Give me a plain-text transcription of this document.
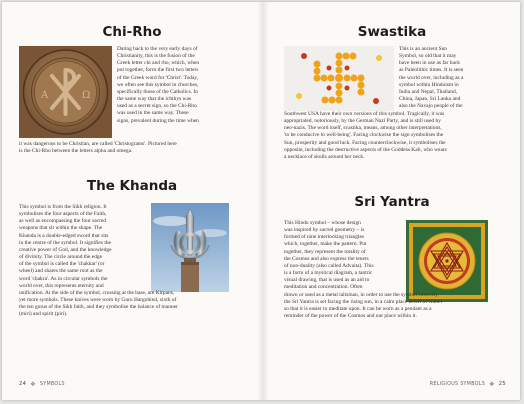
Chi-Rho
A	Ω
Dating back to the very early days of
Christianity, this is the fusion of the
Greek letter chi and rho, which, when
put together, form the first two letters
of the Greek word for 'Christ'. Today,
we often see this symbol in churches,
specifically those of the Catholics. In
the same way that the ichthys was
used as a secret sign, so the Chi-Rho
was used in the same way. These
signs, prevalent during the time when
it was dangerous to be Christian, are called 'Christograms'. Pictured here
is the Chi-Rho between the letters alpha and omega.
The Khanda
This symbol is from the Sikh religion. It
symbolises the four aspects of the Faith,
as well as encompassing the four sacred
weapons that sit within the shape. The
Khanda is a double-edged sword that sits
in the centre of the symbol. It signifies the
creative power of God, and the knowledge
of divinity. The circle around the edge
of the symbol is called the 'chakkar' (or
wheel) and shares the same root as the
word 'chakra'. As in circular symbols the
world over, this represents eternity and
unification. At the side of the symbol, crossing at the base, are Kirpans,
yet more symbols. These knives were worn by Guru Hargobind, sixth of
the ten gurus of the Sikh faith, and they symbolise the balance of manner
(miri) and spirit (piri).
24 ❖ SYMBOLS
Swastika
This is an ancient Sun
Symbol, so old that it may
have been in use as far back
as Paleolithic times. It is seen
the world over, including as a
symbol within Hinduism in
India and Nepal, Thailand,
China, Japan, Sri Lanka and
also the Navajo people of the
Southwest USA have their own versions of this symbol. Tragically, it was
appropriated, notoriously, by the German Nazi Party, and is still used by
neo-nazis. The word itself, svastika, means, among other interpretations,
'to be conducive to well-being'. Facing clockwise the sign symbolises the
Sun, prosperity and good luck. Facing counterclockwise, it symbolises the
opposite, including the destructive aspects of the Goddess Kali, who wears
a necklace of skulls around her neck.
Sri Yantra
This Hindu symbol – whose design
was inspired by sacred geometry – is
formed of nine interlocking triangles
which, together, make the pattern. Put
together, they represent the totality of
the Cosmos and also express the tenets
of non-duality (also called Advaita). This
is a form of a mystical diagram, a tantric
visual drawing, that is used as an aid to
meditation and concentration. Often
drawn or used as a metal talisman, in order to use the symbol correctly,
the Sri Yantra is set facing the rising sun, in a calm place bereft of clutter
so that it is easier to meditate upon. It can be worn as a pendant as a
reminder of the power of the Cosmos and our place within it.
RELIGIOUS SYMBOLS ❖ 25
